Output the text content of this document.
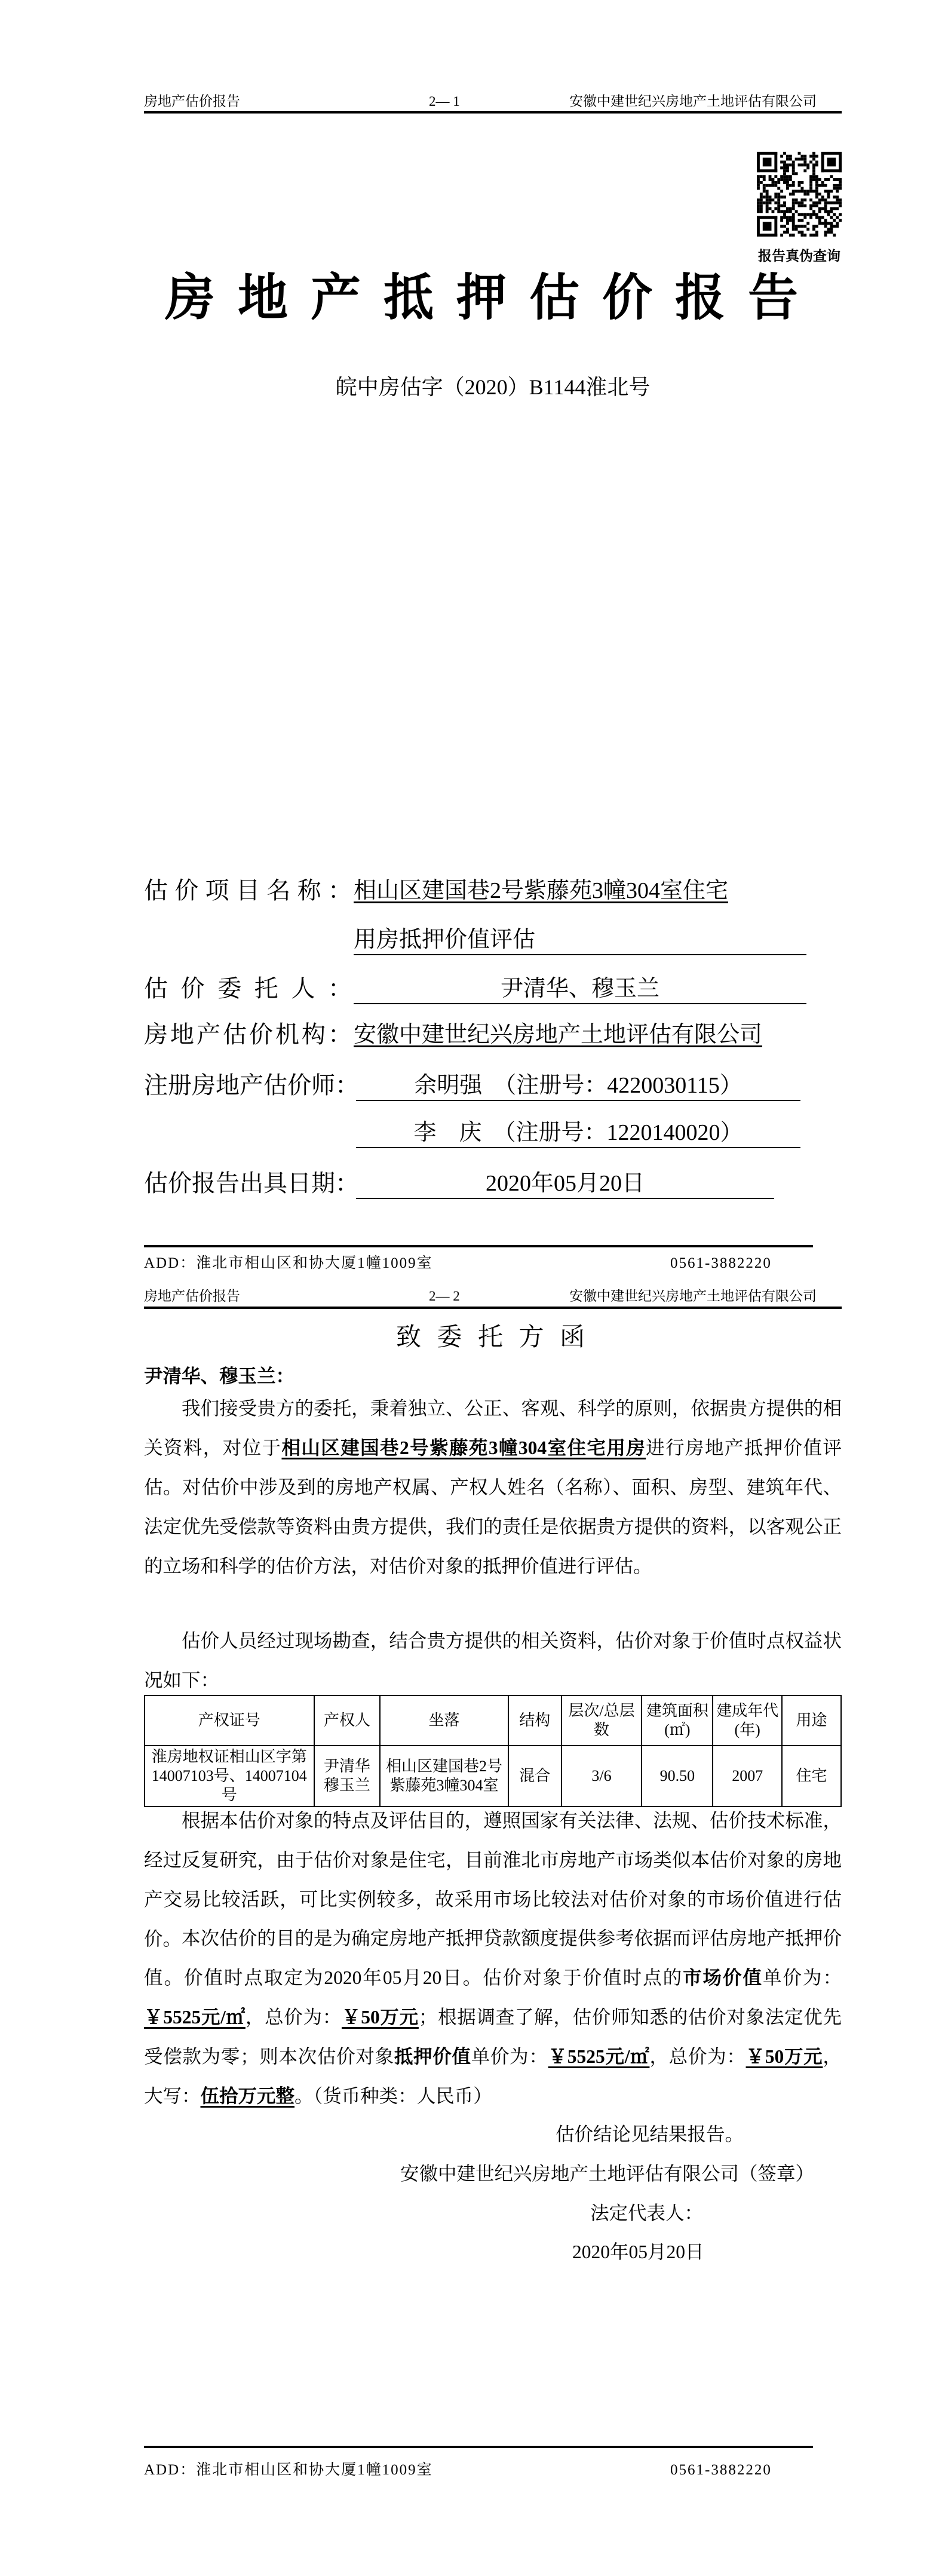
房地产估价报告	2— 1	安徽中建世纪兴房地产土地评估有限公司
报告真伪查询
房地产抵押估价报告
皖中房估字（2020）B1144淮北号
估价项目名称： 相山区建国巷2号紫藤苑3幢304室住宅
用房抵押价值评估
估价委托人：	尹清华、穆玉兰
房地产估价机构： 安徽中建世纪兴房地产土地评估有限公司
注册房地产估价师：	余明强　（注册号：4220030115）
李　庆　（注册号：1220140020）
估价报告出具日期：	2020年05月20日
ADD：淮北市相山区和协大厦1幢1009室	0561-3882220
房地产估价报告	2— 2	安徽中建世纪兴房地产土地评估有限公司
致 委 托 方 函
尹清华、穆玉兰：
我们接受贵方的委托，秉着独立、公正、客观、科学的原则，依据贵方提供的相关资料，对位于相山区建国巷2号紫藤苑3幢304室住宅用房进行房地产抵押价值评估。对估价中涉及到的房地产权属、产权人姓名（名称）、面积、房型、建筑年代、法定优先受偿款等资料由贵方提供，我们的责任是依据贵方提供的资料，以客观公正的立场和科学的估价方法，对估价对象的抵押价值进行评估。
估价人员经过现场勘查，结合贵方提供的相关资料，估价对象于价值时点权益状况如下：
产权证号	产权人	坐落	结构	层次/总层数	建筑面积(㎡)	建成年代(年)	用途
淮房地权证相山区字第14007103号、14007104号	尹清华穆玉兰	相山区建国巷2号紫藤苑3幢304室	混合	3/6	90.50	2007	住宅
根据本估价对象的特点及评估目的，遵照国家有关法律、法规、估价技术标准，经过反复研究，由于估价对象是住宅，目前淮北市房地产市场类似本估价对象的房地产交易比较活跃，可比实例较多，故采用市场比较法对估价对象的市场价值进行估价。 本次估价的目的是为确定房地产抵押贷款额度提供参考依据而评估房地产抵押价值。价值时点取定为2020年05月20日。估价对象于价值时点的市场价值单价为：￥5525元/㎡，总价为：￥50万元；根据调查了解，估价师知悉的估价对象法定优先受偿款为零；则本次估价对象抵押价值单价为：￥5525元/㎡，总价为：￥50万元，大写：伍拾万元整。（货币种类：人民币）
估价结论见结果报告。
安徽中建世纪兴房地产土地评估有限公司（签章）
法定代表人：
2020年05月20日
ADD：淮北市相山区和协大厦1幢1009室	0561-3882220
